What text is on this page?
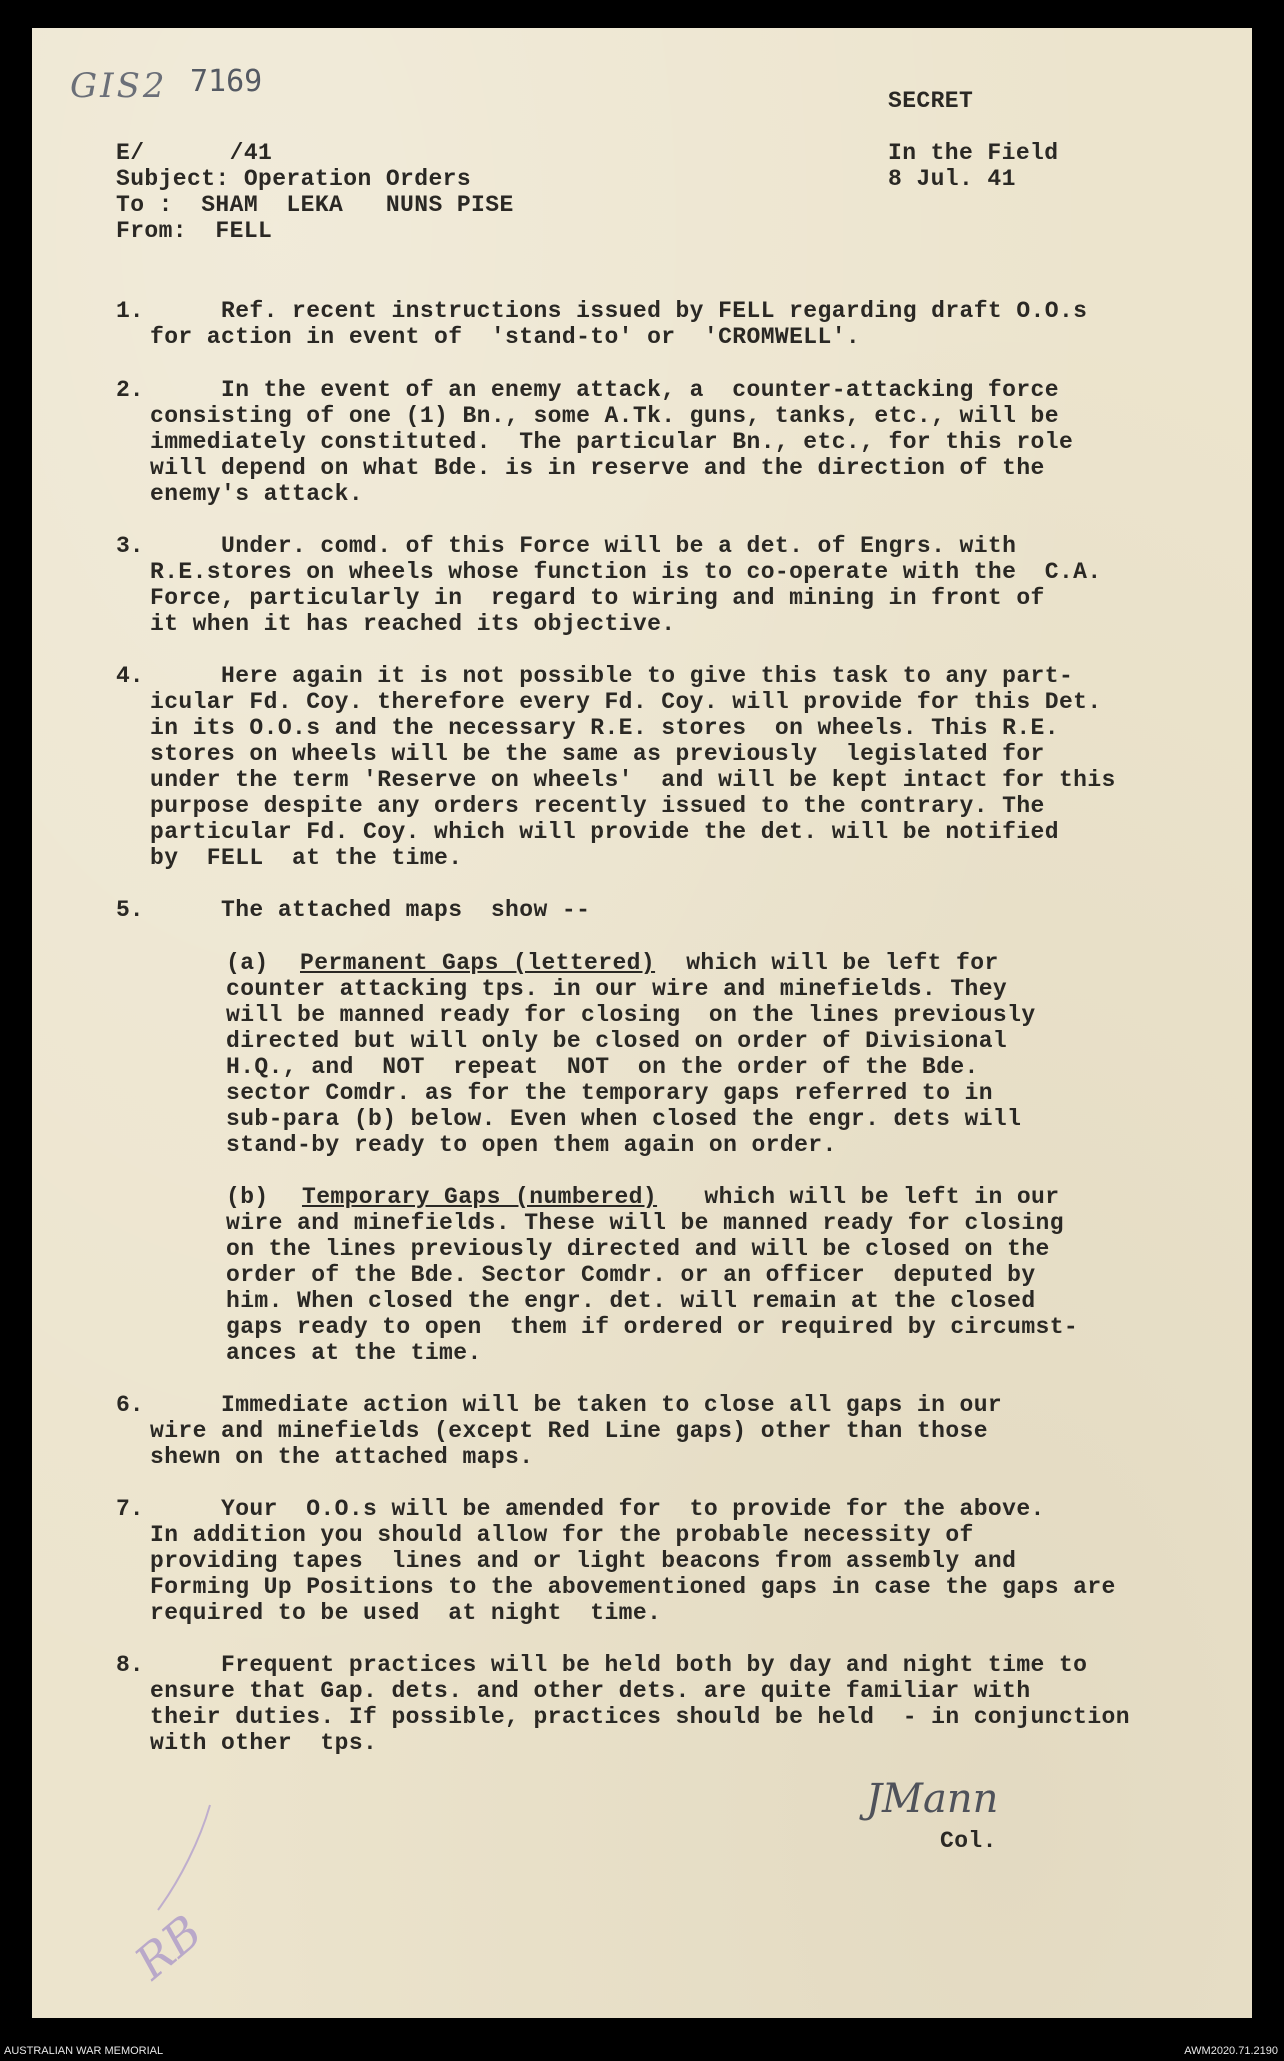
GIS2 7169
SECRET
E/      /41	In the Field
Subject: Operation Orders	8 Jul. 41
To :  SHAM  LEKA   NUNS PISE
From:  FELL
1. Ref. recent instructions issued by FELL regarding draft O.O.s
for action in event of  'stand-to' or  'CROMWELL'.
2. In the event of an enemy attack, a  counter-attacking force
consisting of one (1) Bn., some A.Tk. guns, tanks, etc., will be
immediately constituted.  The particular Bn., etc., for this role
will depend on what Bde. is in reserve and the direction of the
enemy's attack.
3. Under. comd. of this Force will be a det. of Engrs. with
R.E.stores on wheels whose function is to co-operate with the  C.A.
Force, particularly in  regard to wiring and mining in front of
it when it has reached its objective.
4. Here again it is not possible to give this task to any part-
icular Fd. Coy. therefore every Fd. Coy. will provide for this Det.
in its O.O.s and the necessary R.E. stores  on wheels. This R.E.
stores on wheels will be the same as previously  legislated for
under the term 'Reserve on wheels'  and will be kept intact for this
purpose despite any orders recently issued to the contrary. The
particular Fd. Coy. which will provide the det. will be notified
by  FELL  at the time.
5. The attached maps  show --
(a) Permanent Gaps (lettered) which will be left for
counter attacking tps. in our wire and minefields. They
will be manned ready for closing  on the lines previously
directed but will only be closed on order of Divisional
H.Q., and  NOT  repeat  NOT  on the order of the Bde.
sector Comdr. as for the temporary gaps referred to in
sub-para (b) below. Even when closed the engr. dets will
stand-by ready to open them again on order.
(b) Temporary Gaps (numbered) which will be left in our
wire and minefields. These will be manned ready for closing
on the lines previously directed and will be closed on the
order of the Bde. Sector Comdr. or an officer  deputed by
him. When closed the engr. det. will remain at the closed
gaps ready to open  them if ordered or required by circumst-
ances at the time.
6. Immediate action will be taken to close all gaps in our
wire and minefields (except Red Line gaps) other than those
shewn on the attached maps.
7. Your  O.O.s will be amended for  to provide for the above.
In addition you should allow for the probable necessity of
providing tapes  lines and or light beacons from assembly and
Forming Up Positions to the abovementioned gaps in case the gaps are
required to be used  at night  time.
8. Frequent practices will be held both by day and night time to
ensure that Gap. dets. and other dets. are quite familiar with
their duties. If possible, practices should be held  - in conjunction
with other  tps.
JMann
Col.
RB
AUSTRALIAN WAR MEMORIAL	AWM2020.71.2190
